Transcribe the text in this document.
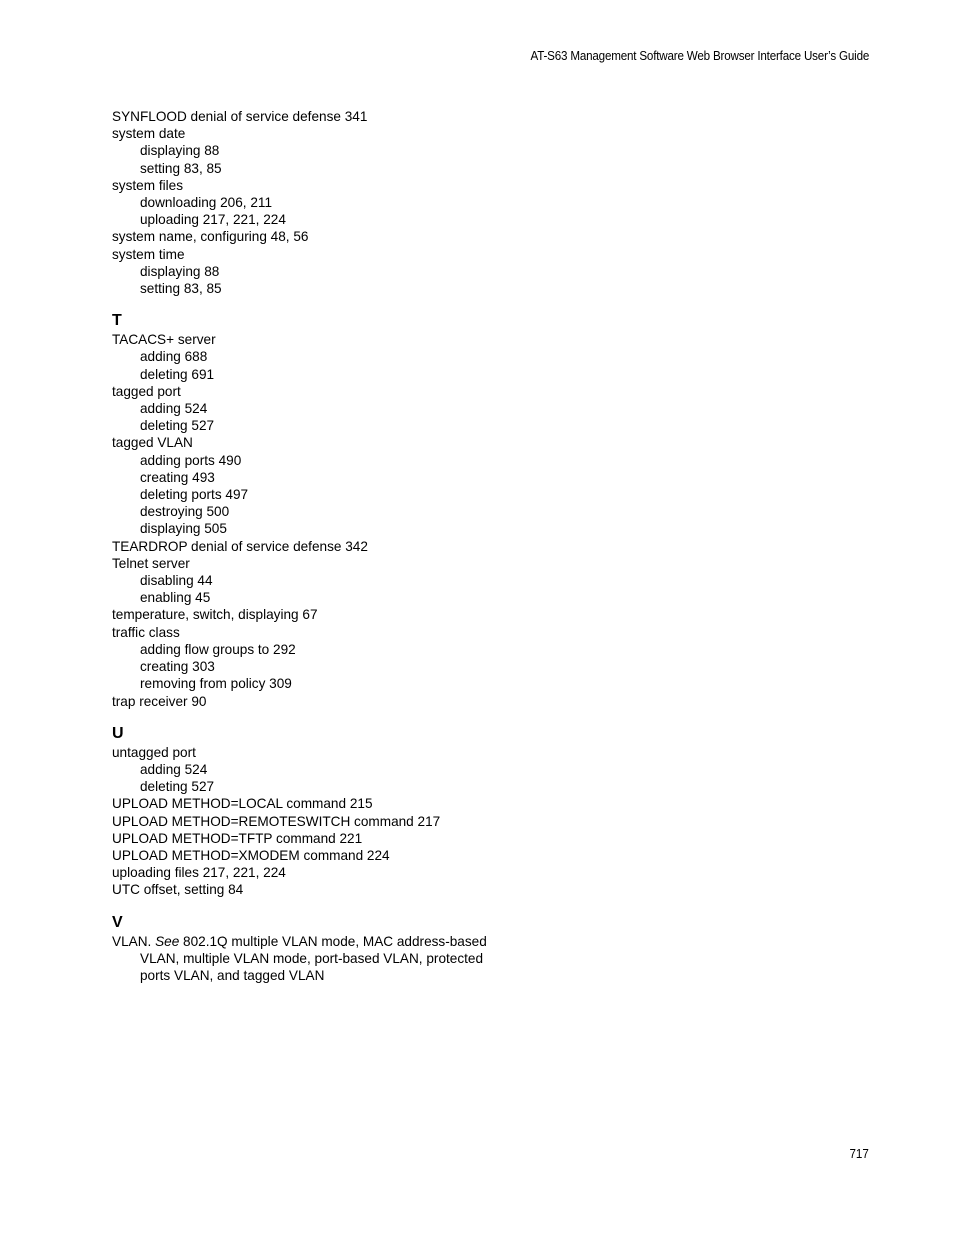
AT-S63 Management Software Web Browser Interface User’s Guide
SYNFLOOD denial of service defense 341
system date
displaying 88
setting 83, 85
system files
downloading 206, 211
uploading 217, 221, 224
system name, configuring 48, 56
system time
displaying 88
setting 83, 85
T
TACACS+ server
adding 688
deleting 691
tagged port
adding 524
deleting 527
tagged VLAN
adding ports 490
creating 493
deleting ports 497
destroying 500
displaying 505
TEARDROP denial of service defense 342
Telnet server
disabling 44
enabling 45
temperature, switch, displaying 67
traffic class
adding flow groups to 292
creating 303
removing from policy 309
trap receiver 90
U
untagged port
adding 524
deleting 527
UPLOAD METHOD=LOCAL command 215
UPLOAD METHOD=REMOTESWITCH command 217
UPLOAD METHOD=TFTP command 221
UPLOAD METHOD=XMODEM command 224
uploading files 217, 221, 224
UTC offset, setting 84
V
VLAN. See 802.1Q multiple VLAN mode, MAC address-based VLAN, multiple VLAN mode, port-based VLAN, protected ports VLAN, and tagged VLAN
717
